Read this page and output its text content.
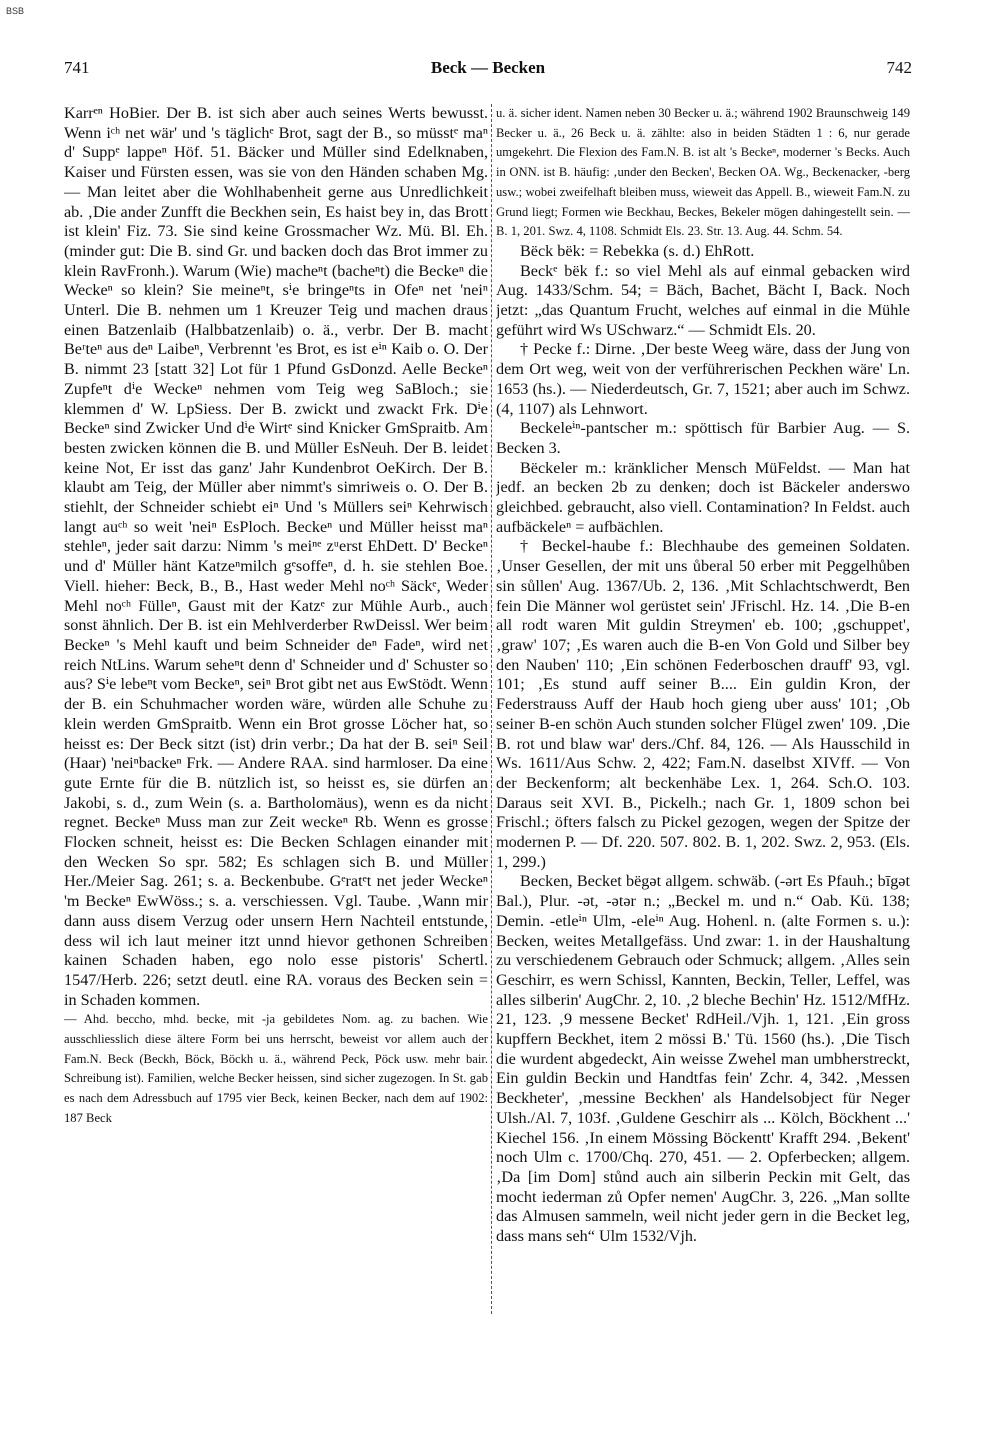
BSB
741	Beck — Becken	742

Karrᵉⁿ HoBier. Der B. ist sich aber auch seines Werts bewusst. Wenn iᶜʰ net wär' und 's täglichᵉ Brot, sagt der B., so müsstᵉ maⁿ d' Suppᵉ lappeⁿ Höf. 51. Bäcker und Müller sind Edelknaben, Kaiser und Fürsten essen, was sie von den Händen schaben Mg. — Man leitet aber die Wohlhabenheit gerne aus Unredlichkeit ab. ‚Die ander Zunfft die Beckhen sein, Es haist bey in, das Brott ist klein' Fiz. 73. Sie sind keine Grossmacher Wz. Mü. Bl. Eh. (minder gut: Die B. sind Gr. und backen doch das Brot immer zu klein RavFronh.). Warum (Wie) macheⁿt (bacheⁿt) die Beckeⁿ die Weckeⁿ so klein? Sie meineⁿt, sⁱe bringeⁿts in Ofeⁿ net 'neiⁿ Unterl. Die B. nehmen um 1 Kreuzer Teig und machen draus einen Batzenlaib (Halbbatzenlaib) o. ä., verbr. Der B. macht Beʳteⁿ aus deⁿ Laibeⁿ, Verbrennt 'es Brot, es ist eⁱⁿ Kaib o. O. Der B. nimmt 23 [statt 32] Lot für 1 Pfund GsDonzd. Aelle Beckeⁿ Zupfeⁿt dⁱe Weckeⁿ nehmen vom Teig weg SaBloch.; sie klemmen d' W. LpSiess. Der B. zwickt und zwackt Frk. Dⁱe Beckeⁿ sind Zwicker Und dⁱe Wirtᵉ sind Knicker GmSpraitb. Am besten zwicken können die B. und Müller EsNeuh. Der B. leidet keine Not, Er isst das ganz' Jahr Kundenbrot OeKirch. Der B. klaubt am Teig, der Müller aber nimmt's simriweis o. O. Der B. stiehlt, der Schneider schiebt eiⁿ Und 's Müllers seiⁿ Kehrwisch langt auᶜʰ so weit 'neiⁿ EsPloch. Beckeⁿ und Müller heisst maⁿ stehleⁿ, jeder sait darzu: Nimm 's meiⁿᵉ zᵘerst EhDett. D' Beckeⁿ und d' Müller hänt Katzeⁿmilch gᵉsoffeⁿ, d. h. sie stehlen Boe. Viell. hieher: Beck, B., B., Hast weder Mehl noᶜʰ Säckᵉ, Weder Mehl noᶜʰ Fülleⁿ, Gaust mit der Katzᵉ zur Mühle Aurb., auch sonst ähnlich. Der B. ist ein Mehlverderber RwDeissl. Wer beim Beckeⁿ 's Mehl kauft und beim Schneider deⁿ Fadeⁿ, wird net reich NtLins. Warum seheⁿt denn d' Schneider und d' Schuster so aus? Sⁱe lebeⁿt vom Beckeⁿ, seiⁿ Brot gibt net aus EwStödt. Wenn der B. ein Schuhmacher worden wäre, würden alle Schuhe zu klein werden GmSpraitb. Wenn ein Brot grosse Löcher hat, so heisst es: Der Beck sitzt (ist) drin verbr.; Da hat der B. seiⁿ Seil (Haar) 'neiⁿbackeⁿ Frk. — Andere RAA. sind harmloser. Da eine gute Ernte für die B. nützlich ist, so heisst es, sie dürfen an Jakobi, s. d., zum Wein (s. a. Bartholomäus), wenn es da nicht regnet. Beckeⁿ Muss man zur Zeit weckeⁿ Rb. Wenn es grosse Flocken schneit, heisst es: Die Becken Schlagen einander mit den Wecken So spr. 582; Es schlagen sich B. und Müller Her./Meier Sag. 261; s. a. Beckenbube. Gᵉratᵉt net jeder Weckeⁿ 'm Beckeⁿ EwWöss.; s. a. verschiessen. Vgl. Taube. ‚Wann mir dann auss disem Verzug oder unsern Hern Nachteil entstunde, dess wil ich laut meiner itzt unnd hievor gethonen Schreiben kainen Schaden haben, ego nolo esse pistoris' Schertl. 1547/Herb. 226; setzt deutl. eine RA. voraus des Becken sein = in Schaden kommen.

— Ahd. beccho, mhd. becke, mit -ja gebildetes Nom. ag. zu bachen. Wie ausschliesslich diese ältere Form bei uns herrscht, beweist vor allem auch der Fam.N. Beck (Beckh, Böck, Böckh u. ä., während Peck, Pöck usw. mehr bair. Schreibung ist). Familien, welche Becker heissen, sind sicher zugezogen. In St. gab es nach dem Adressbuch auf 1795 vier Beck, keinen Becker, nach dem auf 1902: 187 Beck

u. ä. sicher ident. Namen neben 30 Becker u. ä.; während 1902 Braunschweig 149 Becker u. ä., 26 Beck u. ä. zählte: also in beiden Städten 1 : 6, nur gerade umgekehrt. Die Flexion des Fam.N. B. ist alt 's Beckeⁿ, moderner 's Becks. Auch in ONN. ist B. häufig: ‚under den Becken', Becken OA. Wg., Beckenacker, -berg usw.; wobei zweifelhaft bleiben muss, wieweit das Appell. B., wieweit Fam.N. zu Grund liegt; Formen wie Beckhau, Beckes, Bekeler mögen dahingestellt sein. — B. 1, 201. Swz. 4, 1108. Schmidt Els. 23. Str. 13. Aug. 44. Schm. 54.

Bëck bëk: = Rebekka (s. d.) EhRott.

Beckᵉ bëk f.: so viel Mehl als auf einmal gebacken wird Aug. 1433/Schm. 54; = Bäch, Bachet, Bächt I, Back. Noch jetzt: „das Quantum Frucht, welches auf einmal in die Mühle geführt wird Ws USchwarz.“ — Schmidt Els. 20.

† Pecke f.: Dirne. ‚Der beste Weeg wäre, dass der Jung von dem Ort weg, weit von der verführerischen Peckhen wäre' Ln. 1653 (hs.). — Niederdeutsch, Gr. 7, 1521; aber auch im Schwz. (4, 1107) als Lehnwort.

Beckeleⁱⁿ-pantscher m.: spöttisch für Barbier Aug. — S. Becken 3.

Bëckeler m.: kränklicher Mensch MüFeldst. — Man hat jedf. an becken 2b zu denken; doch ist Bäckeler anderswo gleichbed. gebraucht, also viell. Contamination? In Feldst. auch aufbäckeleⁿ = aufbächlen.

† Beckel-haube f.: Blechhaube des gemeinen Soldaten. ‚Unser Gesellen, der mit uns ůberal 50 erber mit Peggelhůben sin sůllen' Aug. 1367/Ub. 2, 136. ‚Mit Schlachtschwerdt, Ben fein Die Männer wol gerüstet sein' JFrischl. Hz. 14. ‚Die B-en all rodt waren Mit guldin Streymen' eb. 100; ‚gschuppet', ‚graw' 107; ‚Es waren auch die B-en Von Gold und Silber bey den Nauben' 110; ‚Ein schönen Federboschen drauff' 93, vgl. 101; ‚Es stund auff seiner B.... Ein guldin Kron, der Federstrauss Auff der Haub hoch gieng uber auss' 101; ‚Ob seiner B-en schön Auch stunden solcher Flügel zwen' 109. ‚Die B. rot und blaw war' ders./Chf. 84, 126. — Als Hausschild in Ws. 1611/Aus Schw. 2, 422; Fam.N. daselbst XIVff. — Von der Beckenform; alt beckenhäbe Lex. 1, 264. Sch.O. 103. Daraus seit XVI. B., Pickelh.; nach Gr. 1, 1809 schon bei Frischl.; öfters falsch zu Pickel gezogen, wegen der Spitze der modernen P. — Df. 220. 507. 802. B. 1, 202. Swz. 2, 953. (Els. 1, 299.)

Becken, Becket bëgət allgem. schwäb. (-ərt Es Pfauh.; bīgət Bal.), Plur. -ət, -ətər n.; „Beckel m. und n.“ Oab. Kü. 138; Demin. -etleⁱⁿ Ulm, -eleⁱⁿ Aug. Hohenl. n. (alte Formen s. u.): Becken, weites Metallgefäss. Und zwar: 1. in der Haushaltung zu verschiedenem Gebrauch oder Schmuck; allgem. ‚Alles sein Geschirr, es wern Schissl, Kannten, Beckin, Teller, Leffel, was alles silberin' AugChr. 2, 10. ‚2 bleche Bechin' Hz. 1512/MfHz. 21, 123. ‚9 messene Becket' RdHeil./Vjh. 1, 121. ‚Ein gross kupffern Beckhet, item 2 mössi B.' Tü. 1560 (hs.). ‚Die Tisch die wurdent abgedeckt, Ain weisse Zwehel man umbherstreckt, Ein guldin Beckin und Handtfas fein' Zchr. 4, 342. ‚Messen Beckheter', ‚messine Beckhen' als Handelsobject für Neger Ulsh./Al. 7, 103f. ‚Guldene Geschirr als ... Kölch, Böckhent ...' Kiechel 156. ‚In einem Mössing Böckentt' Krafft 294. ‚Bekent' noch Ulm c. 1700/Chq. 270, 451. — 2. Opferbecken; allgem. ‚Da [im Dom] stůnd auch ain silberin Peckin mit Gelt, das mocht iederman zů Opfer nemen' AugChr. 3, 226. „Man sollte das Almusen sammeln, weil nicht jeder gern in die Becket leg, dass mans seh“ Ulm 1532/Vjh.
